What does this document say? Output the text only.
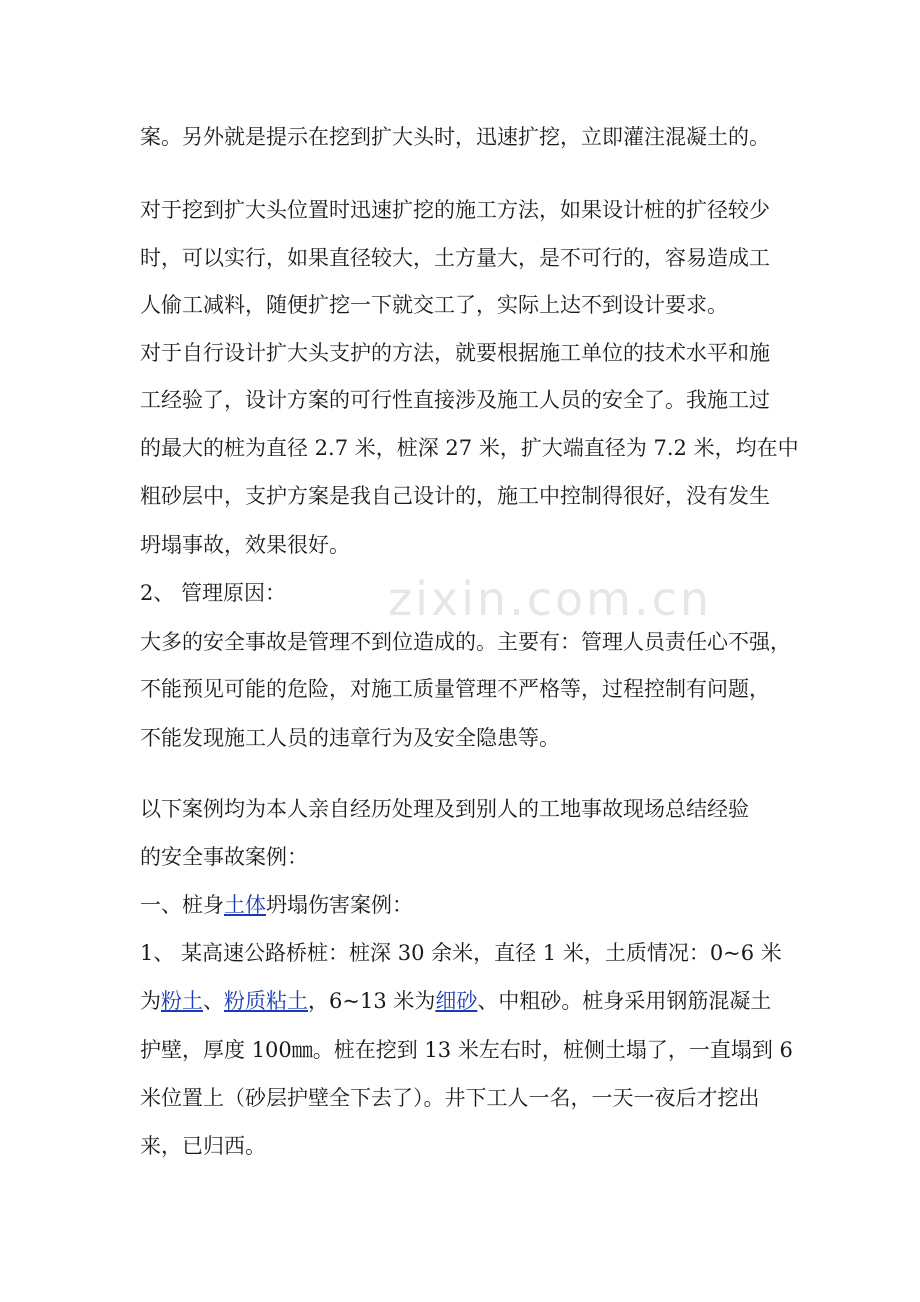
zixin.com.cn
案。另外就是提示在挖到扩大头时，迅速扩挖，立即灌注混凝土的。
对于挖到扩大头位置时迅速扩挖的施工方法，如果设计桩的扩径较少
时，可以实行，如果直径较大，土方量大，是不可行的，容易造成工
人偷工减料，随便扩挖一下就交工了，实际上达不到设计要求。
对于自行设计扩大头支护的方法，就要根据施工单位的技术水平和施
工经验了，设计方案的可行性直接涉及施工人员的安全了。我施工过
的最大的桩为直径 2.7 米，桩深 27 米，扩大端直径为 7.2 米，均在中
粗砂层中，支护方案是我自己设计的，施工中控制得很好，没有发生
坍塌事故，效果很好。
2、 管理原因：
大多的安全事故是管理不到位造成的。主要有：管理人员责任心不强，
不能预见可能的危险，对施工质量管理不严格等，过程控制有问题，
不能发现施工人员的违章行为及安全隐患等。
以下案例均为本人亲自经历处理及到别人的工地事故现场总结经验
的安全事故案例：
一、桩身土体坍塌伤害案例：
1、 某高速公路桥桩：桩深 30 余米，直径 1 米，土质情况：0~6 米
为粉土、粉质粘土，6~13 米为细砂、中粗砂。桩身采用钢筋混凝土
护壁，厚度 100㎜。桩在挖到 13 米左右时，桩侧土塌了，一直塌到 6
米位置上（砂层护壁全下去了）。井下工人一名，一天一夜后才挖出
来，已归西。
